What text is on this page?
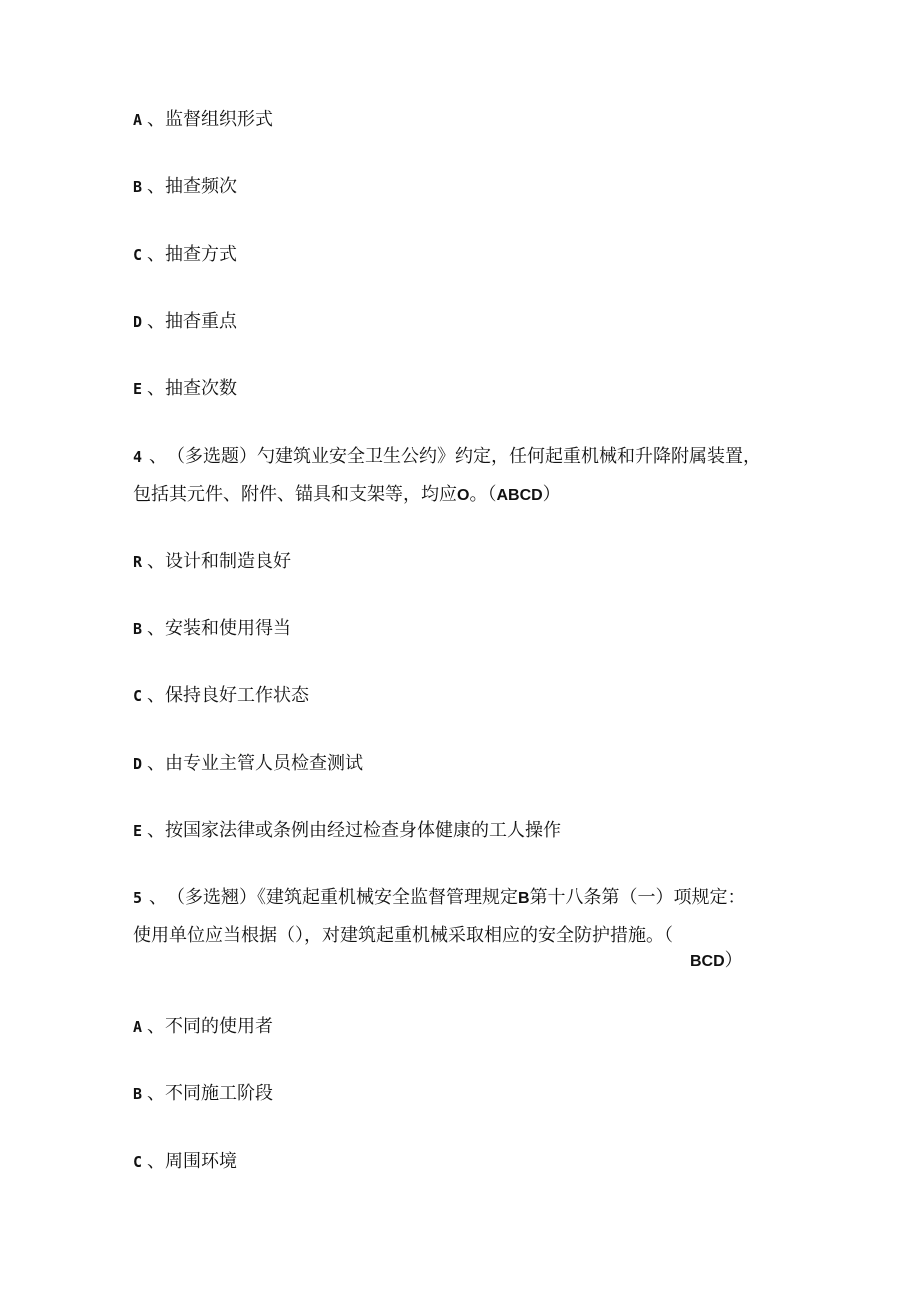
A 、监督组织形式
B 、抽查频次
C 、抽查方式
D 、抽杳重点
E 、抽查次数
4 、（多选题）勺建筑业安全卫生公约》约定，任何起重机械和升降附属装置，
包括其元件、附件、锚具和支架等，均应O。（ABCD）
R 、设计和制造良好
B 、安装和使用得当
C 、保持良好工作状态
D 、由专业主管人员检查测试
E 、按国家法律或条例由经过检查身体健康的工人操作
5 、（多选翘）《建筑起重机械安全监督管理规定B第十八条第（一）项规定：
使用单位应当根据（），对建筑起重机械采取相应的安全防护措施。（
BCD）
A 、不同的使用者
B 、不同施工阶段
C 、周围环境
